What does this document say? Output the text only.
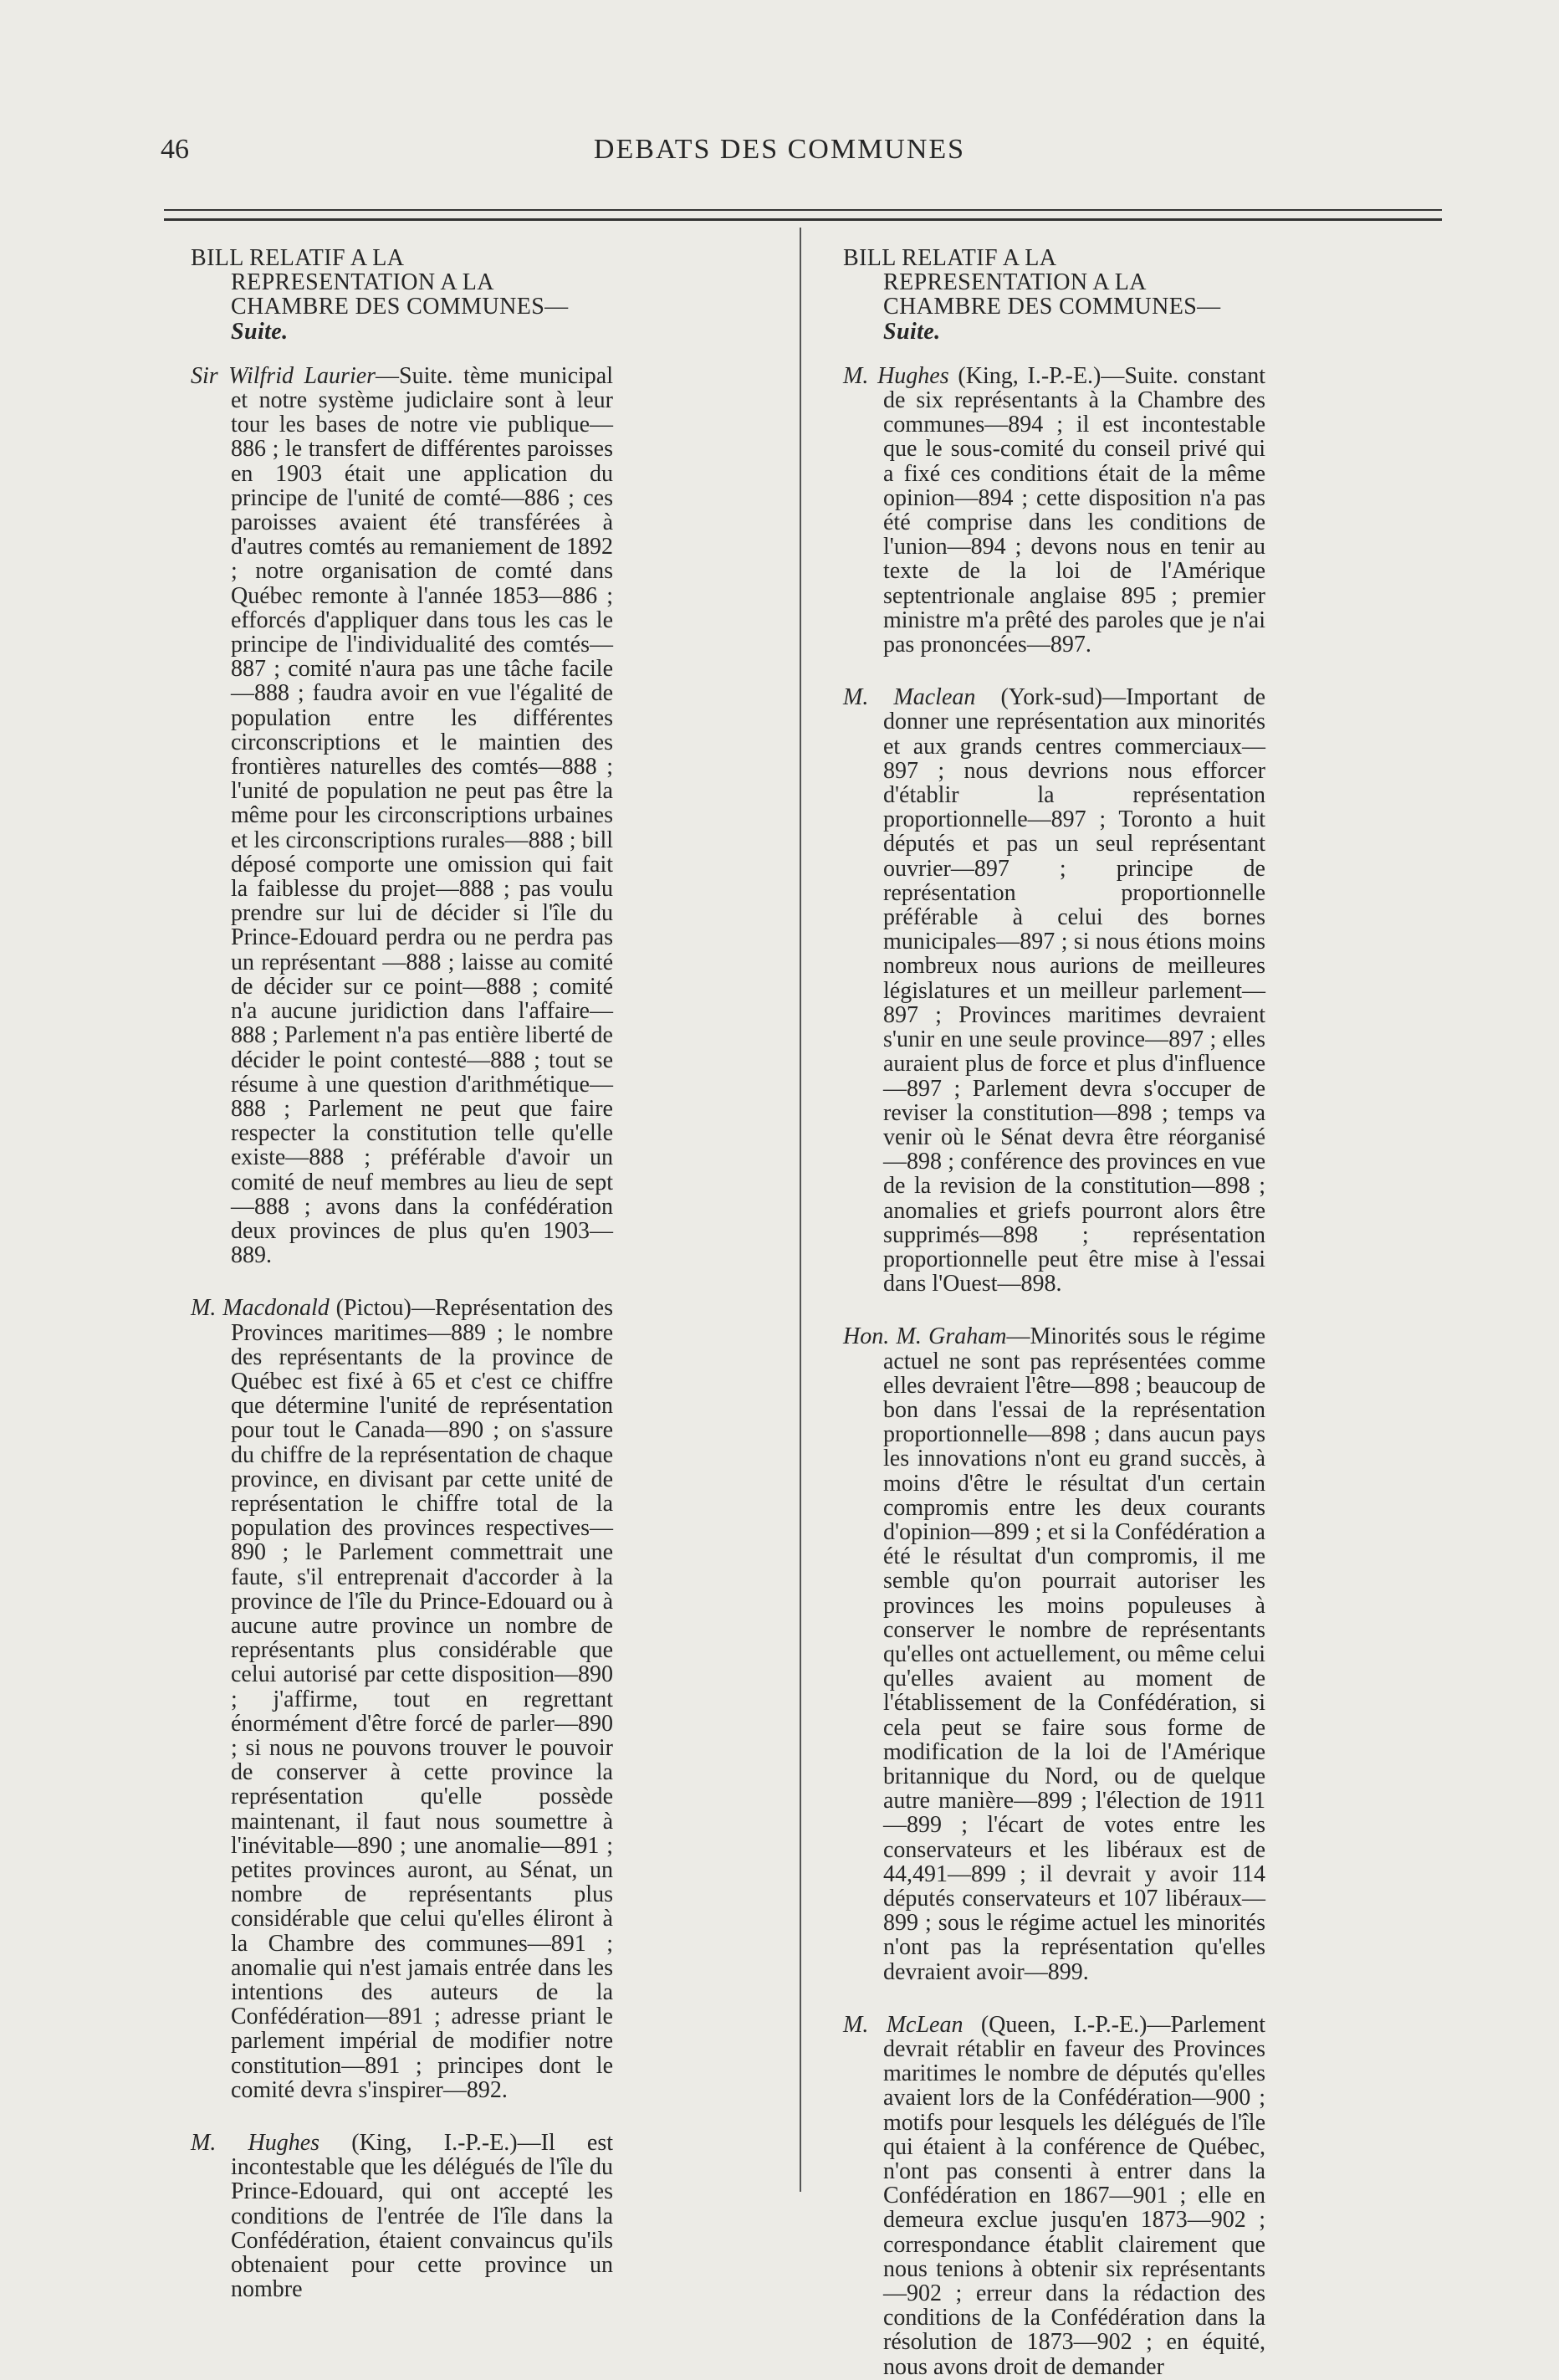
46	DEBATS DES COMMUNES

BILL RELATIF A LA REPRESENTATION A LA CHAMBRE DES COMMUNES— Suite.

Sir Wilfrid Laurier—Suite. tème municipal et notre système judiclaire sont à leur tour les bases de notre vie publique—886 ; le transfert de différentes paroisses en 1903 était une application du principe de l'unité de comté—886 ; ces paroisses avaient été transférées à d'autres comtés au remaniement de 1892 ; notre organisation de comté dans Québec remonte à l'année 1853—886 ; efforcés d'appliquer dans tous les cas le principe de l'individualité des comtés—887 ; comité n'aura pas une tâche facile —888 ; faudra avoir en vue l'égalité de population entre les différentes circonscriptions et le maintien des frontières naturelles des comtés—888 ; l'unité de population ne peut pas être la même pour les circonscriptions urbaines et les circonscriptions rurales—888 ; bill déposé comporte une omission qui fait la faiblesse du projet—888 ; pas voulu prendre sur lui de décider si l'île du Prince-Edouard perdra ou ne perdra pas un représentant —888 ; laisse au comité de décider sur ce point—888 ; comité n'a aucune juridiction dans l'affaire—888 ; Parlement n'a pas entière liberté de décider le point contesté—888 ; tout se résume à une question d'arithmétique—888 ; Parlement ne peut que faire respecter la constitution telle qu'elle existe—888 ; préférable d'avoir un comité de neuf membres au lieu de sept—888 ; avons dans la confédération deux provinces de plus qu'en 1903—889.

M. Macdonald (Pictou)—Représentation des Provinces maritimes—889 ; le nombre des représentants de la province de Québec est fixé à 65 et c'est ce chiffre que détermine l'unité de représentation pour tout le Canada—890 ; on s'assure du chiffre de la représentation de chaque province, en divisant par cette unité de représentation le chiffre total de la population des provinces respectives—890 ; le Parlement commettrait une faute, s'il entreprenait d'accorder à la province de l'île du Prince-Edouard ou à aucune autre province un nombre de représentants plus considérable que celui autorisé par cette disposition—890 ; j'affirme, tout en regrettant énormément d'être forcé de parler—890 ; si nous ne pouvons trouver le pouvoir de conserver à cette province la représentation qu'elle possède maintenant, il faut nous soumettre à l'inévitable—890 ; une anomalie—891 ; petites provinces auront, au Sénat, un nombre de représentants plus considérable que celui qu'elles éliront à la Chambre des communes—891 ; anomalie qui n'est jamais entrée dans les intentions des auteurs de la Confédération—891 ; adresse priant le parlement impérial de modifier notre constitution—891 ; principes dont le comité devra s'inspirer—892.

M. Hughes (King, I.-P.-E.)—Il est incontestable que les délégués de l'île du Prince-Edouard, qui ont accepté les conditions de l'entrée de l'île dans la Confédération, étaient convaincus qu'ils obtenaient pour cette province un nombre

BILL RELATIF A LA REPRESENTATION A LA CHAMBRE DES COMMUNES— Suite.

M. Hughes (King, I.-P.-E.)—Suite. constant de six représentants à la Chambre des communes—894 ; il est incontestable que le sous-comité du conseil privé qui a fixé ces conditions était de la même opinion—894 ; cette disposition n'a pas été comprise dans les conditions de l'union—894 ; devons nous en tenir au texte de la loi de l'Amérique septentrionale anglaise 895 ; premier ministre m'a prêté des paroles que je n'ai pas prononcées—897.

M. Maclean (York-sud)—Important de donner une représentation aux minorités et aux grands centres commerciaux—897 ; nous devrions nous efforcer d'établir la représentation proportionnelle—897 ; Toronto a huit députés et pas un seul représentant ouvrier—897 ; principe de représentation proportionnelle préférable à celui des bornes municipales—897 ; si nous étions moins nombreux nous aurions de meilleures législatures et un meilleur parlement—897 ; Provinces maritimes devraient s'unir en une seule province—897 ; elles auraient plus de force et plus d'influence—897 ; Parlement devra s'occuper de reviser la constitution—898 ; temps va venir où le Sénat devra être réorganisé—898 ; conférence des provinces en vue de la revision de la constitution—898 ; anomalies et griefs pourront alors être supprimés—898 ; représentation proportionnelle peut être mise à l'essai dans l'Ouest—898.

Hon. M. Graham—Minorités sous le régime actuel ne sont pas représentées comme elles devraient l'être—898 ; beaucoup de bon dans l'essai de la représentation proportionnelle—898 ; dans aucun pays les innovations n'ont eu grand succès, à moins d'être le résultat d'un certain compromis entre les deux courants d'opinion—899 ; et si la Confédération a été le résultat d'un compromis, il me semble qu'on pourrait autoriser les provinces les moins populeuses à conserver le nombre de représentants qu'elles ont actuellement, ou même celui qu'elles avaient au moment de l'établissement de la Confédération, si cela peut se faire sous forme de modification de la loi de l'Amérique britannique du Nord, ou de quelque autre manière—899 ; l'élection de 1911—899 ; l'écart de votes entre les conservateurs et les libéraux est de 44,491—899 ; il devrait y avoir 114 députés conservateurs et 107 libéraux—899 ; sous le régime actuel les minorités n'ont pas la représentation qu'elles devraient avoir—899.

M. McLean (Queen, I.-P.-E.)—Parlement devrait rétablir en faveur des Provinces maritimes le nombre de députés qu'elles avaient lors de la Confédération—900 ; motifs pour lesquels les délégués de l'île qui étaient à la conférence de Québec, n'ont pas consenti à entrer dans la Confédération en 1867—901 ; elle en demeura exclue jusqu'en 1873—902 ; correspondance établit clairement que nous tenions à obtenir six représentants—902 ; erreur dans la rédaction des conditions de la Confédération dans la résolution de 1873—902 ; en équité, nous avons droit de demander
